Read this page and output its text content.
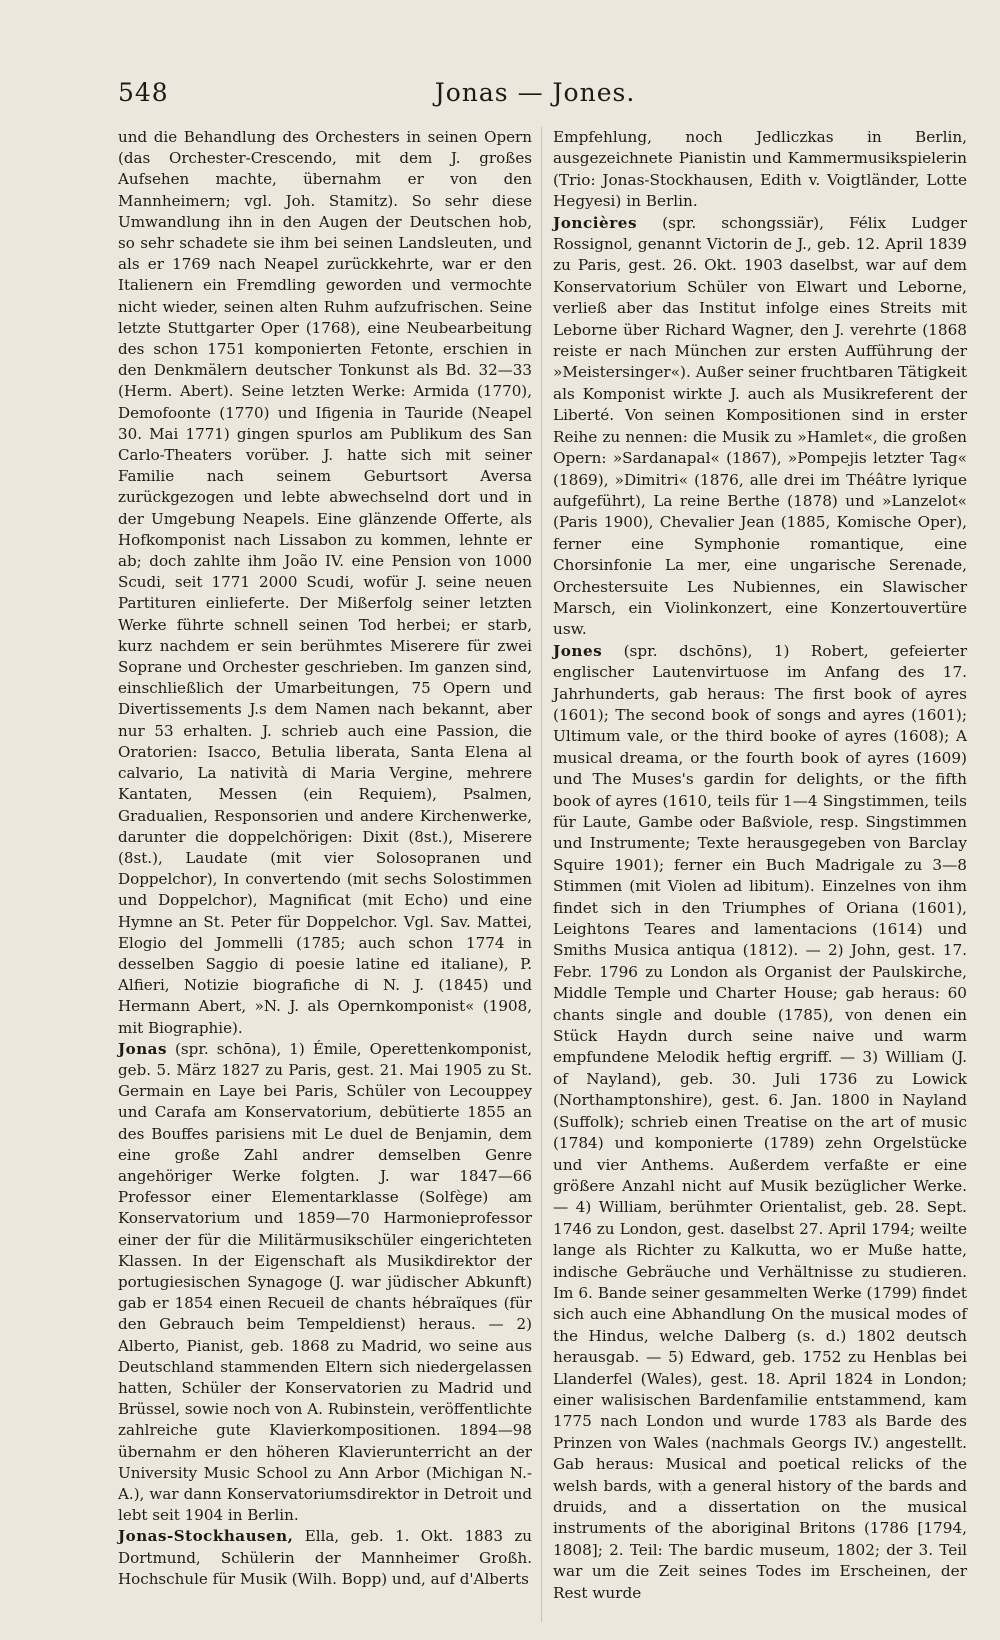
548	Jonas — Jones.

und die Behandlung des Orchesters in seinen Opern (das Orchester-Crescendo, mit dem J. großes Aufsehen machte, übernahm er von den Mannheimern; vgl. Joh. Stamitz). So sehr diese Umwandlung ihn in den Augen der Deutschen hob, so sehr schadete sie ihm bei seinen Landsleuten, und als er 1769 nach Neapel zurückkehrte, war er den Italienern ein Fremdling geworden und vermochte nicht wieder, seinen alten Ruhm aufzufrischen. Seine letzte Stuttgarter Oper (1768), eine Neubearbeitung des schon 1751 komponierten Fetonte, erschien in den Denkmälern deutscher Tonkunst als Bd. 32—33 (Herm. Abert). Seine letzten Werke: Armida (1770), Demofoonte (1770) und Ifigenia in Tauride (Neapel 30. Mai 1771) gingen spurlos am Publikum des San Carlo-Theaters vorüber. J. hatte sich mit seiner Familie nach seinem Geburtsort Aversa zurückgezogen und lebte abwechselnd dort und in der Umgebung Neapels. Eine glänzende Offerte, als Hofkomponist nach Lissabon zu kommen, lehnte er ab; doch zahlte ihm João IV. eine Pension von 1000 Scudi, seit 1771 2000 Scudi, wofür J. seine neuen Partituren einlieferte. Der Mißerfolg seiner letzten Werke führte schnell seinen Tod herbei; er starb, kurz nachdem er sein berühmtes Miserere für zwei Soprane und Orchester geschrieben. Im ganzen sind, einschließlich der Umarbeitungen, 75 Opern und Divertissements J.s dem Namen nach bekannt, aber nur 53 erhalten. J. schrieb auch eine Passion, die Oratorien: Isacco, Betulia liberata, Santa Elena al calvario, La natività di Maria Vergine, mehrere Kantaten, Messen (ein Requiem), Psalmen, Gradualien, Responsorien und andere Kirchenwerke, darunter die doppelchörigen: Dixit (8st.), Miserere (8st.), Laudate (mit vier Solosopranen und Doppelchor), In convertendo (mit sechs Solostimmen und Doppelchor), Magnificat (mit Echo) und eine Hymne an St. Peter für Doppelchor. Vgl. Sav. Mattei, Elogio del Jommelli (1785; auch schon 1774 in desselben Saggio di poesie latine ed italiane), P. Alfieri, Notizie biografiche di N. J. (1845) und Hermann Abert, »N. J. als Opernkomponist« (1908, mit Biographie).

Jonas (spr. schōna), 1) Émile, Operettenkomponist, geb. 5. März 1827 zu Paris, gest. 21. Mai 1905 zu St. Germain en Laye bei Paris, Schüler von Lecouppey und Carafa am Konservatorium, debütierte 1855 an des Bouffes parisiens mit Le duel de Benjamin, dem eine große Zahl andrer demselben Genre angehöriger Werke folgten. J. war 1847—66 Professor einer Elementarklasse (Solfège) am Konservatorium und 1859—70 Harmonieprofessor einer der für die Militärmusikschüler eingerichteten Klassen. In der Eigenschaft als Musikdirektor der portugiesischen Synagoge (J. war jüdischer Abkunft) gab er 1854 einen Recueil de chants hébraïques (für den Gebrauch beim Tempeldienst) heraus. — 2) Alberto, Pianist, geb. 1868 zu Madrid, wo seine aus Deutschland stammenden Eltern sich niedergelassen hatten, Schüler der Konservatorien zu Madrid und Brüssel, sowie noch von A. Rubinstein, veröffentlichte zahlreiche gute Klavierkompositionen. 1894—98 übernahm er den höheren Klavierunterricht an der University Music School zu Ann Arbor (Michigan N.-A.), war dann Konservatoriumsdirektor in Detroit und lebt seit 1904 in Berlin.

Jonas-Stockhausen, Ella, geb. 1. Okt. 1883 zu Dortmund, Schülerin der Mannheimer Großh. Hochschule für Musik (Wilh. Bopp) und, auf d'Alberts

Empfehlung, noch Jedliczkas in Berlin, ausgezeichnete Pianistin und Kammermusikspielerin (Trio: Jonas-Stockhausen, Edith v. Voigtländer, Lotte Hegyesi) in Berlin.

Joncières (spr. schongssiär), Félix Ludger Rossignol, genannt Victorin de J., geb. 12. April 1839 zu Paris, gest. 26. Okt. 1903 daselbst, war auf dem Konservatorium Schüler von Elwart und Leborne, verließ aber das Institut infolge eines Streits mit Leborne über Richard Wagner, den J. verehrte (1868 reiste er nach München zur ersten Aufführung der »Meistersinger«). Außer seiner fruchtbaren Tätigkeit als Komponist wirkte J. auch als Musikreferent der Liberté. Von seinen Kompositionen sind in erster Reihe zu nennen: die Musik zu »Hamlet«, die großen Opern: »Sardanapal« (1867), »Pompejis letzter Tag« (1869), »Dimitri« (1876, alle drei im Théâtre lyrique aufgeführt), La reine Berthe (1878) und »Lanzelot« (Paris 1900), Chevalier Jean (1885, Komische Oper), ferner eine Symphonie romantique, eine Chorsinfonie La mer, eine ungarische Serenade, Orchestersuite Les Nubiennes, ein Slawischer Marsch, ein Violinkonzert, eine Konzertouvertüre usw.

Jones (spr. dschōns), 1) Robert, gefeierter englischer Lautenvirtuose im Anfang des 17. Jahrhunderts, gab heraus: The first book of ayres (1601); The second book of songs and ayres (1601); Ultimum vale, or the third booke of ayres (1608); A musical dreama, or the fourth book of ayres (1609) und The Muses's gardin for delights, or the fifth book of ayres (1610, teils für 1—4 Singstimmen, teils für Laute, Gambe oder Baßviole, resp. Singstimmen und Instrumente; Texte herausgegeben von Barclay Squire 1901); ferner ein Buch Madrigale zu 3—8 Stimmen (mit Violen ad libitum). Einzelnes von ihm findet sich in den Triumphes of Oriana (1601), Leightons Teares and lamentacions (1614) und Smiths Musica antiqua (1812). — 2) John, gest. 17. Febr. 1796 zu London als Organist der Paulskirche, Middle Temple und Charter House; gab heraus: 60 chants single and double (1785), von denen ein Stück Haydn durch seine naive und warm empfundene Melodik heftig ergriff. — 3) William (J. of Nayland), geb. 30. Juli 1736 zu Lowick (Northamptonshire), gest. 6. Jan. 1800 in Nayland (Suffolk); schrieb einen Treatise on the art of music (1784) und komponierte (1789) zehn Orgelstücke und vier Anthems. Außerdem verfaßte er eine größere Anzahl nicht auf Musik bezüglicher Werke. — 4) William, berühmter Orientalist, geb. 28. Sept. 1746 zu London, gest. daselbst 27. April 1794; weilte lange als Richter zu Kalkutta, wo er Muße hatte, indische Gebräuche und Verhältnisse zu studieren. Im 6. Bande seiner gesammelten Werke (1799) findet sich auch eine Abhandlung On the musical modes of the Hindus, welche Dalberg (s. d.) 1802 deutsch herausgab. — 5) Edward, geb. 1752 zu Henblas bei Llanderfel (Wales), gest. 18. April 1824 in London; einer walisischen Bardenfamilie entstammend, kam 1775 nach London und wurde 1783 als Barde des Prinzen von Wales (nachmals Georgs IV.) angestellt. Gab heraus: Musical and poetical relicks of the welsh bards, with a general history of the bards and druids, and a dissertation on the musical instruments of the aboriginal Britons (1786 [1794, 1808]; 2. Teil: The bardic museum, 1802; der 3. Teil war um die Zeit seines Todes im Erscheinen, der Rest wurde
